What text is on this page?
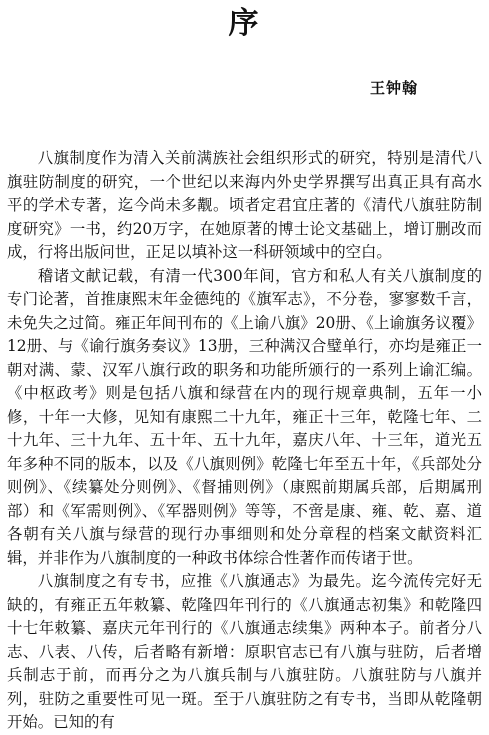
序
王钟翰

八旗制度作为清入关前满族社会组织形式的研究，特别是清代八旗驻防制度的研究，一个世纪以来海内外史学界撰写出真正具有高水平的学术专著，迄今尚未多觏。顷者定君宜庄著的《清代八旗驻防制度研究》一书，约20万字，在她原著的博士论文基础上，增订删改而成，行将出版问世，正足以填补这一科研领域中的空白。

稽诸文献记载，有清一代300年间，官方和私人有关八旗制度的专门论著，首推康熙末年金德纯的《旗军志》，不分卷，寥寥数千言，未免失之过简。雍正年间刊布的《上谕八旗》20册、《上谕旗务议覆》12册、与《谕行旗务奏议》13册，三种满汉合璧单行，亦均是雍正一朝对满、蒙、汉军八旗行政的职务和功能所颁行的一系列上谕汇编。《中枢政考》则是包括八旗和绿营在内的现行规章典制，五年一小修，十年一大修，见知有康熙二十九年，雍正十三年，乾隆七年、二十九年、三十九年、五十年、五十九年，嘉庆八年、十三年，道光五年多种不同的版本，以及《八旗则例》乾隆七年至五十年，《兵部处分则例》、《续纂处分则例》、《督捕则例》（康熙前期属兵部，后期属刑部）和《军需则例》、《军器则例》等等，不啻是康、雍、乾、嘉、道各朝有关八旗与绿营的现行办事细则和处分章程的档案文献资料汇辑，并非作为八旗制度的一种政书体综合性著作而传诸于世。

八旗制度之有专书，应推《八旗通志》为最先。迄今流传完好无缺的，有雍正五年敕纂、乾隆四年刊行的《八旗通志初集》和乾隆四十七年敕纂、嘉庆元年刊行的《八旗通志续集》两种本子。前者分八志、八表、八传，后者略有新增：原职官志已有八旗与驻防，后者增兵制志于前，而再分之为八旗兵制与八旗驻防。八旗驻防与八旗并列，驻防之重要性可见一斑。至于八旗驻防之有专书，当即从乾隆朝开始。已知的有
